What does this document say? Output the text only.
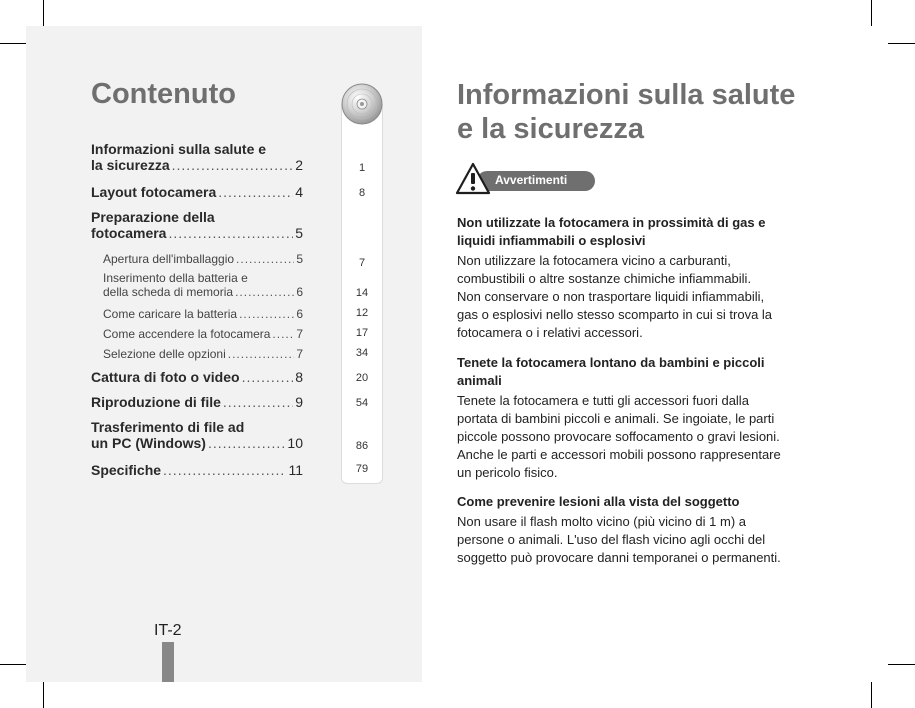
Contenuto
Informazioni sulla salute e
la sicurezza .....	2
Layout fotocamera .....	4
Preparazione della
fotocamera .....	5
Apertura dell'imballaggio .....	5
Inserimento della batteria e
della scheda di memoria .....	6
Come caricare la batteria .....	6
Come accendere la fotocamera ..... 7
Selezione delle opzioni .....	7
Cattura di foto o video .....	8
Riproduzione di file .....	9
Trasferimento di file ad
un PC (Windows) .....	10
Specifiche .....	11
1
8
7
14
12
17
34
20
54
86
79
IT-2
Informazioni sulla salute
e la sicurezza
Avvertimenti
Non utilizzate la fotocamera in prossimità di gas e
liquidi infiammabili o esplosivi

Non utilizzare la fotocamera vicino a carburanti,
combustibili o altre sostanze chimiche infiammabili.
Non conservare o non trasportare liquidi infiammabili,
gas o esplosivi nello stesso scomparto in cui si trova la
fotocamera o i relativi accessori.

Tenete la fotocamera lontano da bambini e piccoli
animali

Tenete la fotocamera e tutti gli accessori fuori dalla
portata di bambini piccoli e animali. Se ingoiate, le parti
piccole possono provocare soffocamento o gravi lesioni.
Anche le parti e accessori mobili possono rappresentare
un pericolo fisico.

Come prevenire lesioni alla vista del soggetto

Non usare il flash molto vicino (più vicino di 1 m) a
persone o animali. L'uso del flash vicino agli occhi del
soggetto può provocare danni temporanei o permanenti.
